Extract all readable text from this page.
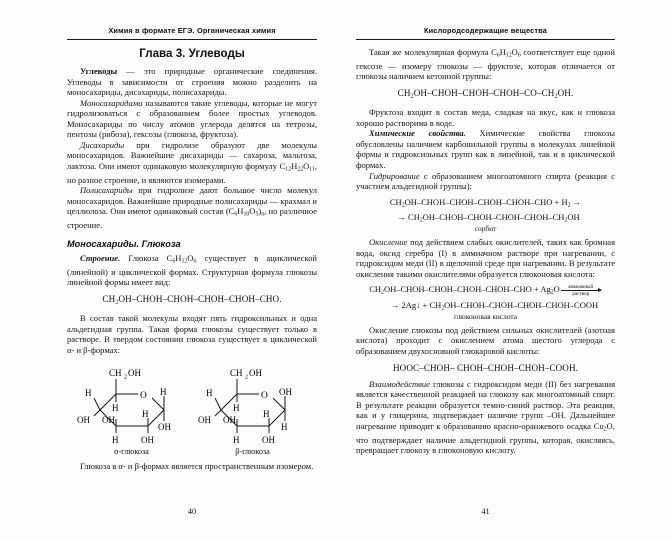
Химия в формате ЕГЭ. Органическая химия
Глава 3. Углеводы

Углеводы — это природные органические соединения. Углеводы в зависимости от строения можно разделить на моносахариды, дисахариды, полисахариды.

Моносахаридами называются такие углеводы, которые не могут гидролизоваться с образованием более простых углеводов. Моносахариды по числу атомов углерода делятся на тетрозы, пентозы (рибоза), гексозы (глюкоза, фруктоза).

Дисахариды при гидролизе образуют две молекулы моносахаридов. Важнейшие дисахариды — сахароза, мальтоза, лактоза. Они имеют одинаковую молекулярную формулу $C_{12}H_{22}O_{11}$, но разное строение, и являются изомерами.

Полисахариды при гидролизе дают большое число молекул моносахаридов. Важнейшие природные полисахариды — крахмал и целлюлоза. Они имеют одинаковый состав $(C_6H_{10}O_5)_n$, но различное строение.

Моносахариды. Глюкоза

Строение. Глюкоза $C_6H_{12}O_6$ существует в ациклической (линейной) и циклической формах. Структурная формула глюкозы линейной формы имеет вид:

$CH_2OH-CHOH-CHOH-CHOH-CHOH$–CHO.

В состав такой молекулы входят пять гидроксильных и одна альдегидная группа. Такая форма глюкозы существует только в растворе. В твердом состоянии глюкоза существует в циклической α- и β-формах:

CH 2 OH
O H
H
H
H
OH OH
OH
H	OH
α-глюкоза
CH 2 OH
O OH
H
H
H
OH OH
H
H	OH
β-глюкоза

Глюкоза в α- и β-формах является пространственным изомером.

40
Кислородсодержащие вещества

Такая же молекулярная формула $C_6H_{12}O_6$ соответствует еще одной гексозе — изомеру глюкозы — фруктозе, которая отличается от глюкозы наличием кетонной группы:

$CH_2OH-CHOH-CHOH-CHOH-CO-CH_2OH$.

Фруктоза входит в состав меда, сладкая на вкус, как и глюкоза хорошо растворима в воде.

Химические свойства. Химические свойства глюкозы обусловлены наличием карбонильной группы в молекулах линейной формы и гидроксильных групп как в линейной, так и в циклической формах.

Гидрирование с образованием многоатомного спирта (реакция с участием альдегидной группы):

$CH_2OH-CHOH-CHOH-CHOH-CHOH$–CHO + $H_2$ →
→ $CH_2OH-CHOH-CHOH-CHOH-CHOH-CH_2OH$
сорбит

Окисление под действием слабых окислителей, таких как бромная вода, оксид серебра (I) в аммиачном растворе при нагревании, с гидроксидом меди (II) в щелочной среде при нагревании. В результате окисления такими окислителями образуется глюконовая кислота:

$CH_2OH-CHOH-CHOH-CHOH-CHOH$–CHO + $Ag_2O$	аммиачный
раствор
→ 2Ag↓ + $CH_2OH-CHOH-CHOH-CHOH-CHOH$–COOH
глюконовая кислота

Окисление глюкозы под действием сильных окислителей (азотная кислота) проходит с окислением атома шестого углерода с образованием двухосновной глюкаровой кислоты:

HOOC–CHOH– CHOH–CHOH–CHOH–COOH.

Взаимодействие глюкозы с гидроксидом меди (II) без нагревания является качественной реакцией на глюкозу как многоатомный спирт. В результате реакции образуется темно-синий раствор. Эта реакция, как и у глицерина, подтверждает наличие групп –ОН. Дальнейшее нагревание приводит к образованию красно-оранжевого осадка $Cu_2O$, что подтверждает наличие альдегидной группы, которая, окисляясь, превращает глюкозу в глюконовую кислоту.

41
